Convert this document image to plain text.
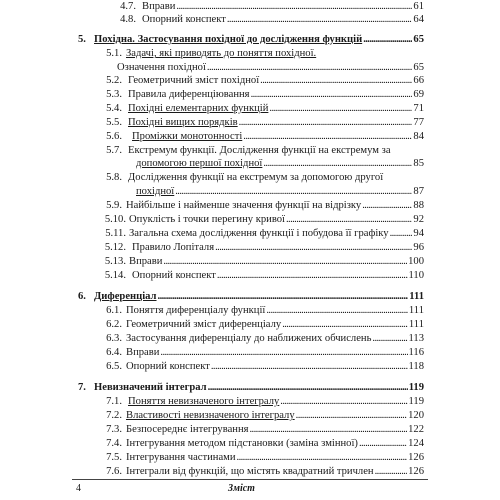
4.7. Вправи .....	61
4.8. Опорний конспект .....	64
5. Похідна. Застосування похідної до дослідження функцій .....	65
5.1. Задачі, які приводять до поняття похідної.
Означення похідної .....	65
5.2. Геометричний зміст похідної .....	66
5.3. Правила диференціювання .....	69
5.4. Похідні елементарних функцій .....	71
5.5. Похідні вищих порядків .....	77
5.6. Проміжки монотонності .....	84
5.7. Екстремум функції. Дослідження функції на екстремум за
допомогою першої похідної .....	85
5.8. Дослідження функції на екстремум за допомогою другої
похідної .....	87
5.9. Найбільше і найменше значення функції на відрізку .....	88
5.10. Опуклість і точки перегину кривої .....	92
5.11. Загальна схема дослідження функції і побудова її графіку ..... 94
5.12. Правило Лопіталя .....	96
5.13. Вправи .....	100
5.14. Опорний конспект .....	110
6. Диференціал .....	111
6.1. Поняття диференціалу функції .....	111
6.2. Геометричний зміст диференціалу .....	111
6.3. Застосування диференціалу до наближених обчислень .....	113
6.4. Вправи .....	116
6.5. Опорний конспект .....	118
7. Невизначений інтеграл .....	119
7.1. Поняття невизначеного інтегралу .....	119
7.2. Властивості невизначеного інтегралу .....	120
7.3. Безпосереднє інтегрування .....	122
7.4. Інтегрування методом підстановки (заміна змінної) .....	124
7.5. Інтегрування частинами .....	126
7.6. Інтеграли від функцій, що містять квадратний тричлен .....	126
4	Зміст
